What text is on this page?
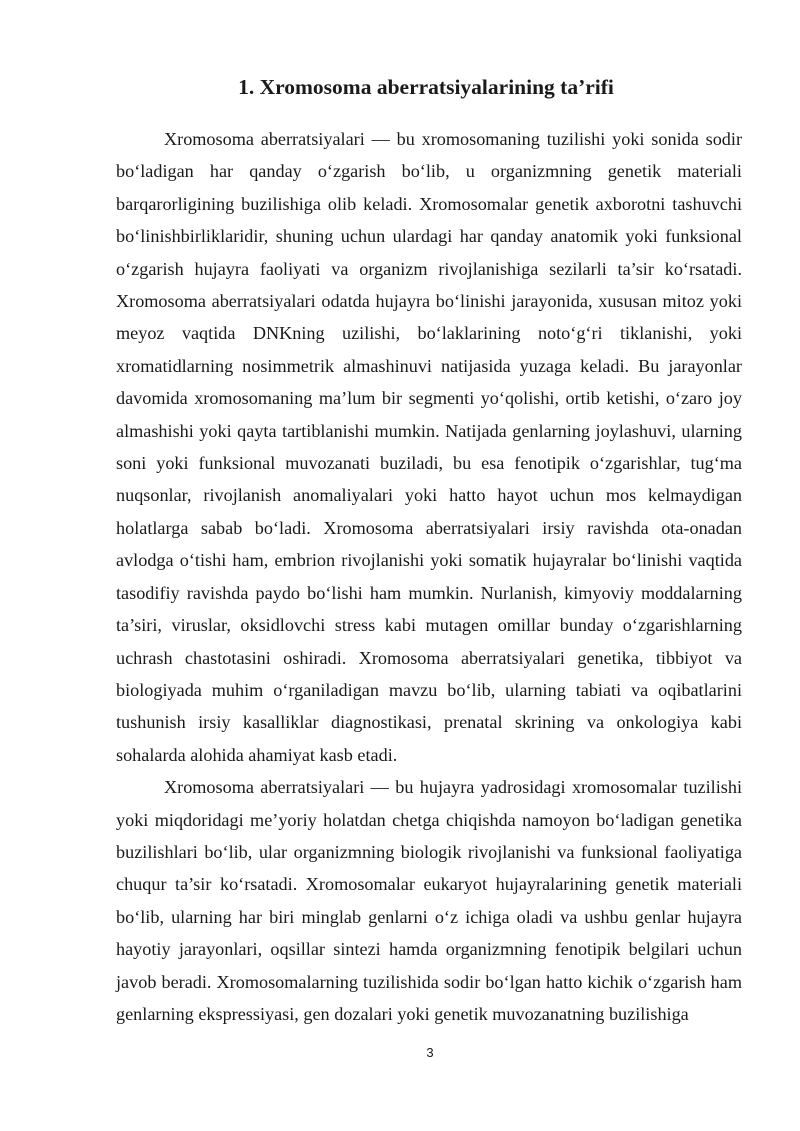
1. Xromosoma aberratsiyalarining ta’rifi

Xromosoma aberratsiyalari — bu xromosomaning tuzilishi yoki sonida sodir bo‘ladigan har qanday o‘zgarish bo‘lib, u organizmning genetik materiali barqarorligining buzilishiga olib keladi. Xromosomalar genetik axborotni tashuvchi bo‘linishbirliklaridir, shuning uchun ulardagi har qanday anatomik yoki funksional o‘zgarish hujayra faoliyati va organizm rivojlanishiga sezilarli ta’sir ko‘rsatadi. Xromosoma aberratsiyalari odatda hujayra bo‘linishi jarayonida, xususan mitoz yoki meyoz vaqtida DNKning uzilishi, bo‘laklarining noto‘g‘ri tiklanishi, yoki xromatidlarning nosimmetrik almashinuvi natijasida yuzaga keladi. Bu jarayonlar davomida xromosomaning ma’lum bir segmenti yo‘qolishi, ortib ketishi, o‘zaro joy almashishi yoki qayta tartiblanishi mumkin. Natijada genlarning joylashuvi, ularning soni yoki funksional muvozanati buziladi, bu esa fenotipik o‘zgarishlar, tug‘ma nuqsonlar, rivojlanish anomaliyalari yoki hatto hayot uchun mos kelmaydigan holatlarga sabab bo‘ladi. Xromosoma aberratsiyalari irsiy ravishda ota-onadan avlodga o‘tishi ham, embrion rivojlanishi yoki somatik hujayralar bo‘linishi vaqtida tasodifiy ravishda paydo bo‘lishi ham mumkin. Nurlanish, kimyoviy moddalarning ta’siri, viruslar, oksidlovchi stress kabi mutagen omillar bunday o‘zgarishlarning uchrash chastotasini oshiradi. Xromosoma aberratsiyalari genetika, tibbiyot va biologiyada muhim o‘rganiladigan mavzu bo‘lib, ularning tabiati va oqibatlarini tushunish irsiy kasalliklar diagnostikasi, prenatal skrining va onkologiya kabi sohalarda alohida ahamiyat kasb etadi.

Xromosoma aberratsiyalari — bu hujayra yadrosidagi xromosomalar tuzilishi yoki miqdoridagi me’yoriy holatdan chetga chiqishda namoyon bo‘ladigan genetika buzilishlari bo‘lib, ular organizmning biologik rivojlanishi va funksional faoliyatiga chuqur ta’sir ko‘rsatadi. Xromosomalar eukaryot hujayralarining genetik materiali bo‘lib, ularning har biri minglab genlarni o‘z ichiga oladi va ushbu genlar hujayra hayotiy jarayonlari, oqsillar sintezi hamda organizmning fenotipik belgilari uchun javob beradi. Xromosomalarning tuzilishida sodir bo‘lgan hatto kichik o‘zgarish ham genlarning ekspressiyasi, gen dozalari yoki genetik muvozanatning buzilishiga

3
